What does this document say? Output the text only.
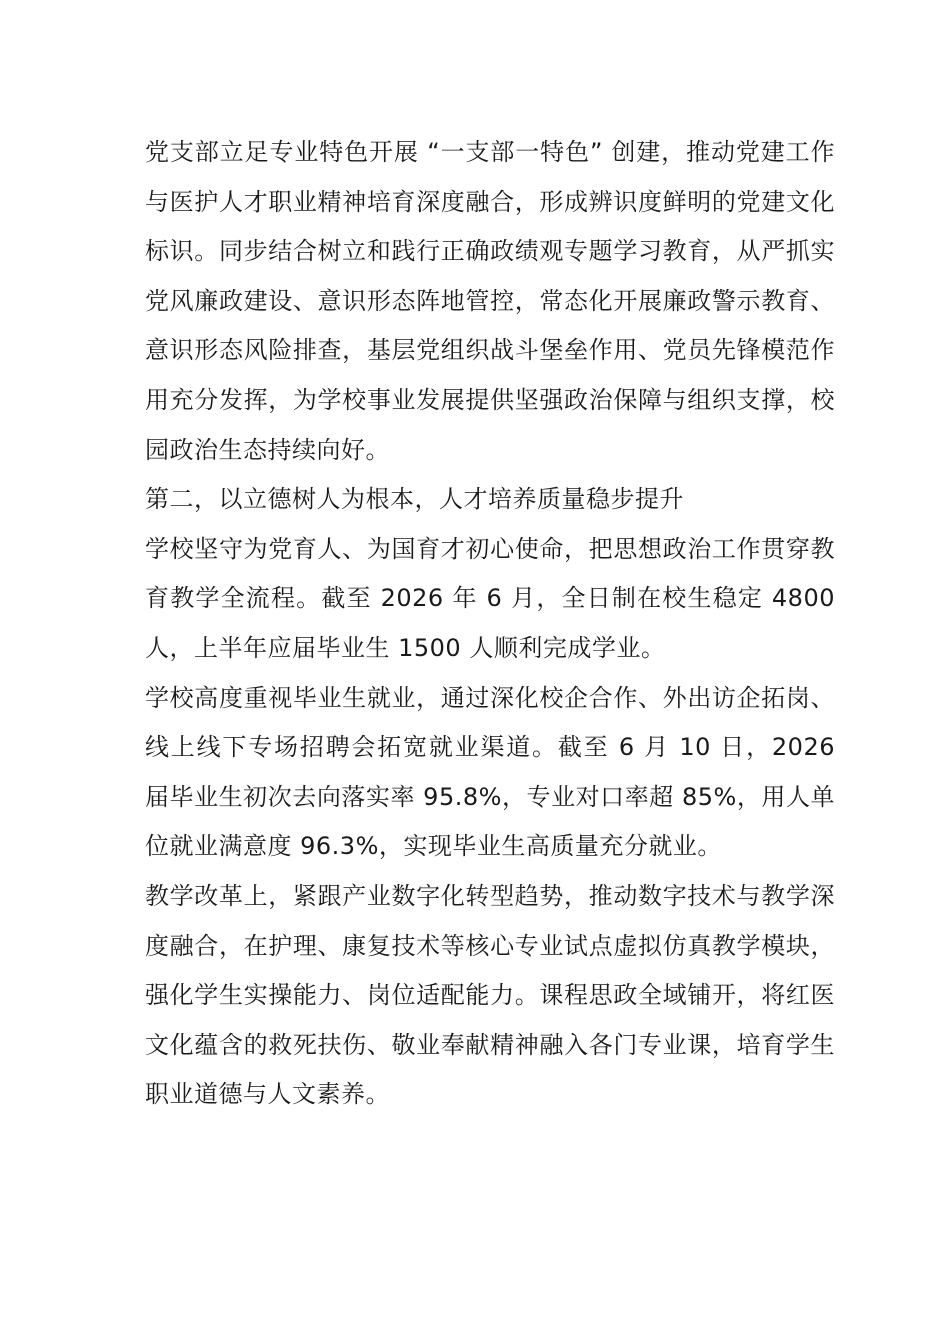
党支部立足专业特色开展 “一支部一特色” 创建，推动党建工作与医护人才职业精神培育深度融合，形成辨识度鲜明的党建文化标识。同步结合树立和践行正确政绩观专题学习教育，从严抓实党风廉政建设、意识形态阵地管控，常态化开展廉政警示教育、意识形态风险排查，基层党组织战斗堡垒作用、党员先锋模范作用充分发挥，为学校事业发展提供坚强政治保障与组织支撑，校园政治生态持续向好。

第二，以立德树人为根本，人才培养质量稳步提升

学校坚守为党育人、为国育才初心使命，把思想政治工作贯穿教育教学全流程。截至 2026 年 6 月，全日制在校生稳定 4800 人，上半年应届毕业生 1500 人顺利完成学业。

学校高度重视毕业生就业，通过深化校企合作、外出访企拓岗、线上线下专场招聘会拓宽就业渠道。截至 6 月 10 日，2026 届毕业生初次去向落实率 95.8%，专业对口率超 85%，用人单位就业满意度 96.3%，实现毕业生高质量充分就业。

教学改革上，紧跟产业数字化转型趋势，推动数字技术与教学深度融合，在护理、康复技术等核心专业试点虚拟仿真教学模块，强化学生实操能力、岗位适配能力。课程思政全域铺开，将红医文化蕴含的救死扶伤、敬业奉献精神融入各门专业课，培育学生职业道德与人文素养。
